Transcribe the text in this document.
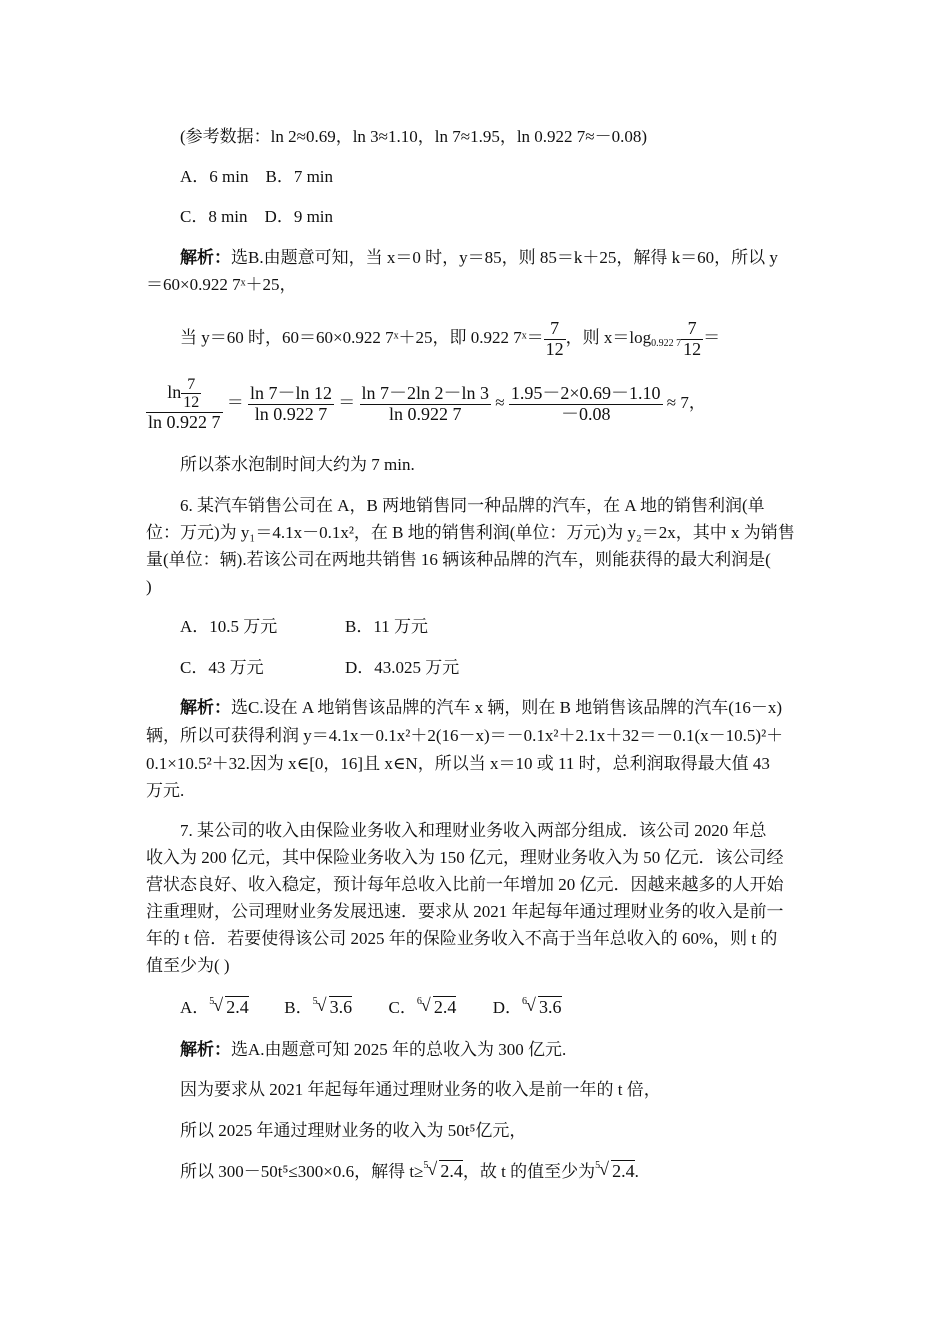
(参考数据：ln 2≈0.69，ln 3≈1.10，ln 7≈1.95，ln 0.922 7≈－0.08)
A．6 min B．7 min
C．8 min D．9 min
解析：选B.由题意可知，当 x＝0 时，y＝85，则 85＝k＋25，解得 k＝60，所以 y
＝60×0.922 7ˣ＋25，
当 y＝60 时，60＝60×0.922 7ˣ＋25，即 0.922 7ˣ＝ $\frac{7}{12}$ ，则 $x=\log_{0.922 7} \frac{7}{12}$ ＝
$\frac{\ln \frac{7}{12}}{\ln 0.922 7} = \frac{\ln 7-\ln 12}{\ln 0.922 7} = \frac{\ln 7-2\ln 2-\ln 3}{\ln 0.922 7} \approx \frac{1.95-2\times 0.69-1.10}{-0.08} \approx 7$，
所以茶水泡制时间大约为 7 min.
6. 某汽车销售公司在 A，B 两地销售同一种品牌的汽车，在 A 地的销售利润(单
位：万元)为 y₁＝4.1x－0.1x²，在 B 地的销售利润(单位：万元)为 y₂＝2x，其中 x 为销售
量(单位：辆).若该公司在两地共销售 16 辆该种品牌的汽车，则能获得的最大利润是(
)
A．10.5 万元	B．11 万元
C．43 万元	D．43.025 万元
解析：选C.设在 A 地销售该品牌的汽车 x 辆，则在 B 地销售该品牌的汽车(16－x)
辆，所以可获得利润 y＝4.1x－0.1x²＋2(16－x)＝－0.1x²＋2.1x＋32＝－0.1(x－10.5)²＋
0.1×10.5²＋32.因为 x∈[0，16]且 x∈N，所以当 x＝10 或 11 时，总利润取得最大值 43
万元.
7. 某公司的收入由保险业务收入和理财业务收入两部分组成．该公司 2020 年总
收入为 200 亿元，其中保险业务收入为 150 亿元，理财业务收入为 50 亿元．该公司经
营状态良好、收入稳定，预计每年总收入比前一年增加 20 亿元．因越来越多的人开始
注重理财，公司理财业务发展迅速．要求从 2021 年起每年通过理财业务的收入是前一
年的 t 倍．若要使得该公司 2025 年的保险业务收入不高于当年总收入的 60%，则 t 的
值至少为( )
A． 5 √ 2.4 B． 5 √ 3.6 C． 6 √ 2.4 D． 6 √ 3.6
解析：选A.由题意可知 2025 年的总收入为 300 亿元.
因为要求从 2021 年起每年通过理财业务的收入是前一年的 t 倍，
所以 2025 年通过理财业务的收入为 50t⁵亿元，
所以 300－50t⁵≤300×0.6，解得 t≥ 5 √ 2.4，故 t 的值至少为 5 √ 2.4.
